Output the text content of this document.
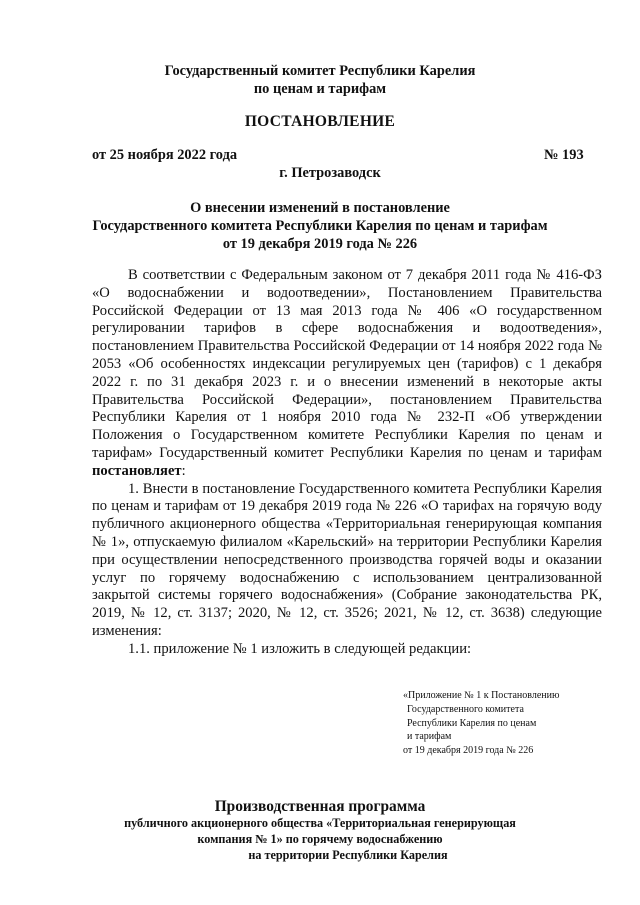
Государственный комитет Республики Карелия
по ценам и тарифам
ПОСТАНОВЛЕНИЕ
от 25 ноября 2022 года	№ 193
г. Петрозаводск
О внесении изменений в постановление
Государственного комитета Республики Карелия по ценам и тарифам
от 19 декабря 2019 года № 226

В соответствии с Федеральным законом от 7 декабря 2011 года № 416-ФЗ «О водоснабжении и водоотведении», Постановлением Правительства Российской Федерации от 13 мая 2013 года № 406 «О государственном регулировании тарифов в сфере водоснабжения и водоотведения», постановлением Правительства Российской Федерации от 14 ноября 2022 года № 2053 «Об особенностях индексации регулируемых цен (тарифов) с 1 декабря 2022 г. по 31 декабря 2023 г. и о внесении изменений в некоторые акты Правительства Российской Федерации», постановлением Правительства Республики Карелия от 1 ноября 2010 года № 232-П «Об утверждении Положения о Государственном комитете Республики Карелия по ценам и тарифам» Государственный комитет Республики Карелия по ценам и тарифам постановляет:

1. Внести в постановление Государственного комитета Республики Карелия по ценам и тарифам от 19 декабря 2019 года № 226 «О тарифах на горячую воду публичного акционерного общества «Территориальная генерирующая компания № 1», отпускаемую филиалом «Карельский» на территории Республики Карелия при осуществлении непосредственного производства горячей воды и оказании услуг по горячему водоснабжению с использованием централизованной закрытой системы горячего водоснабжения» (Собрание законодательства РК, 2019, № 12, ст. 3137; 2020, № 12, ст. 3526; 2021, № 12, ст. 3638) следующие изменения:

1.1. приложение № 1 изложить в следующей редакции:

«Приложение № 1 к Постановлению
Государственного комитета
Республики Карелия по ценам
и тарифам
от 19 декабря 2019 года № 226
Производственная программа
публичного акционерного общества «Территориальная генерирующая
компания № 1» по горячему водоснабжению
на территории Республики Карелия
